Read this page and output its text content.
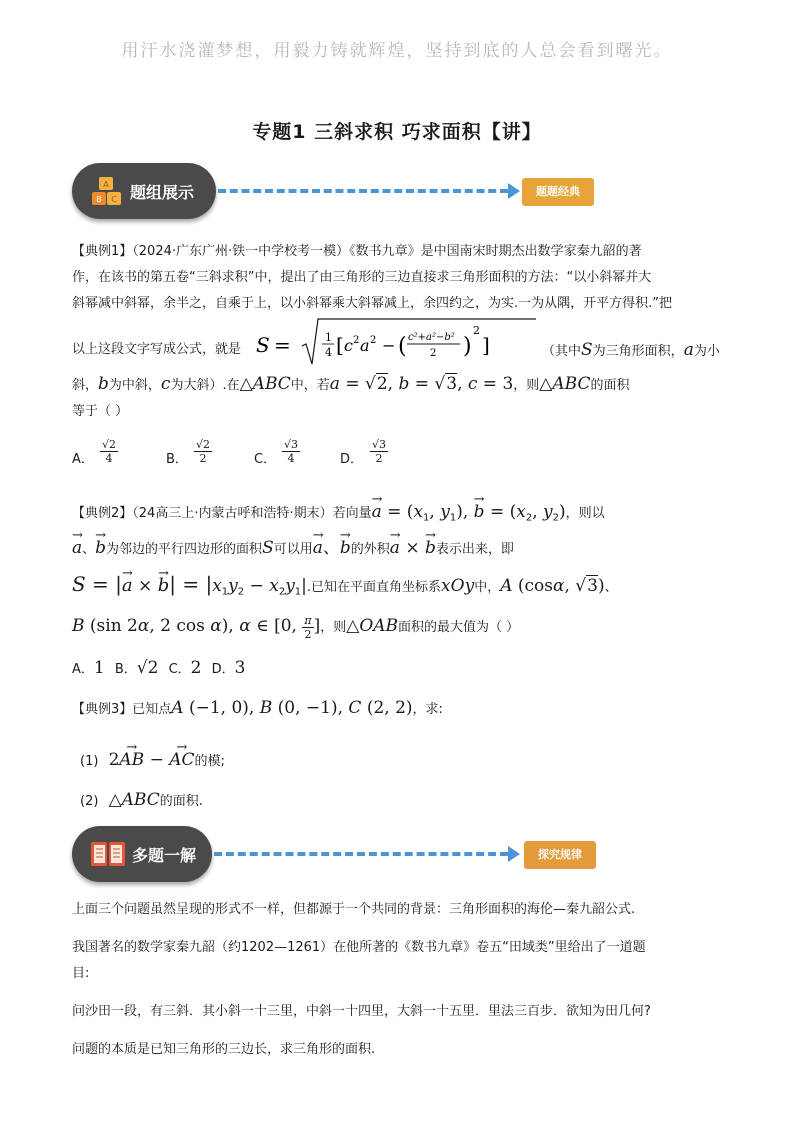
用汗水浇灌梦想，用毅力铸就辉煌，坚持到底的人总会看到曙光。
专题1 三斜求积 巧求面积【讲】
A
B C 题组展示	题题经典
【典例1】（2024·广东广州·铁一中学校考一模）《数书九章》是中国南宋时期杰出数学家秦九韶的著
作，在该书的第五卷“三斜求积”中，提出了由三角形的三边直接求三角形面积的方法：“以小斜幂并大
斜幂减中斜幂，余半之，自乘于上，以小斜幂乘大斜幂减上，余四约之，为实.一为从隅，开平方得积.”把
以上这段文字写成公式，就是 S =	1
4 [ c 2 a 2 − ( c²+a²−b²
2 )
2
]	（其中S为三角形面积，a为小
斜，b为中斜，c为大斜）.在△ABC中，若a = √2, b = √3, c = 3，则△ABC的面积
等于（ ）
A． $\frac{√2}{4}$	B． $\frac{√2}{2}$	C． $\frac{√3}{4}$	D． $\frac{√3}{2}$
【典例2】（24高三上·内蒙古呼和浩特·期末）若向量→ $a = (x_1$, $y_1$), → $b = (x_2$, $y_2$)，则以
→ a、→ b为邻边的平行四边形的面积S可以用→ a、→ b的外积→ a × → b表示出来，即
S = |→ a × → $b| = |x_1y_2 - x_2y_1|$.已知在平面直角坐标系xOy中，A (cosα, √3)、
B (sin 2α, 2 cos α), α ∈ [0, $\frac{\pi}{2}$ ]，则△OAB面积的最大值为（ ）
A．1 B．√2 C．2 D．3
【典例3】已知点A (−1, 0), B (0, −1), C (2, 2)，求:
(1) 2→ AB − → AC的模;
(2) △ABC的面积.
多题一解	探究规律
上面三个问题虽然呈现的形式不一样，但都源于一个共同的背景：三角形面积的海伦—秦九韶公式.
我国著名的数学家秦九韶（约1202—1261）在他所著的《数书九章》卷五“田域类”里给出了一道题
目:
问沙田一段，有三斜．其小斜一十三里，中斜一十四里，大斜一十五里．里法三百步．欲知为田几何?
问题的本质是已知三角形的三边长，求三角形的面积.
